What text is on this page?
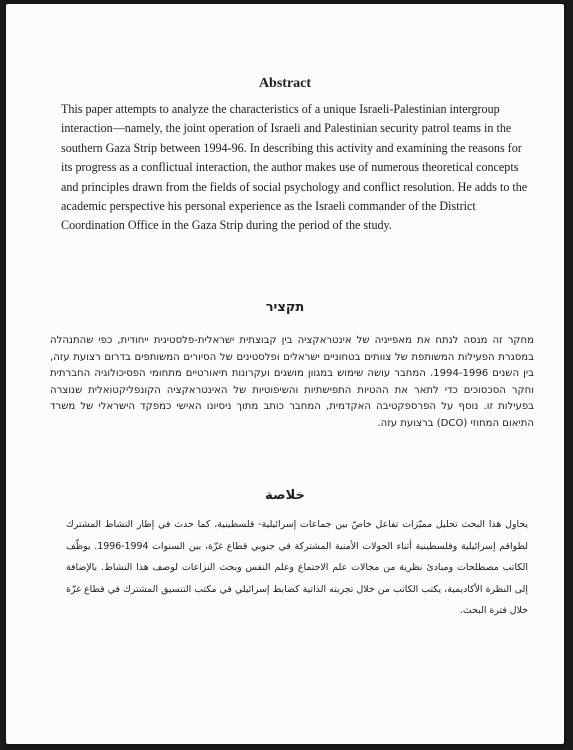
Abstract

This paper attempts to analyze the characteristics of a unique Israeli-Palestinian intergroup interaction—namely, the joint operation of Israeli and Palestinian security patrol teams in the southern Gaza Strip between 1994-96. In describing this activity and examining the reasons for its progress as a conflictual interaction, the author makes use of numerous theoretical concepts and principles drawn from the fields of social psychology and conflict resolution. He adds to the academic perspective his personal experience as the Israeli commander of the District Coordination Office in the Gaza Strip during the period of the study.

תקציר

מחקר זה מנסה לנתח את מאפייניה של אינטראקציה בין קבוצתית ישראלית-פלסטינית ייחודית, כפי שהתנהלה במסגרת הפעילות המשותפת של צוותים בטחוניים ישראלים ופלסטינים של הסיורים המשותפים בדרום רצועת עזה, בין השנים 1994-1996. המחבר עושה שימוש במגוון מושגים ועקרונות תיאורטיים מתחומי הפסיכולוגיה החברתית וחקר הסכסוכים כדי לתאר את ההטיות התפישתיות והשיפוטיות של האינטראקציה הקונפליקטואלית שנוצרה בפעילות זו. נוסף על הפרספקטיבה האקדמית, המחבר כותב מתוך ניסיונו האישי כמפקד הישראלי של משרד התיאום המחוזי (DCO) ברצועת עזה.

خلاصة

يحاول هذا البحث تحليل مميّزات تفاعل خاصّ بين جماعات إسرائيلية- فلسطينية، كما حدث في إطار النشاط المشترك لطواقم إسرائيلية وفلسطينية أثناء الجولات الأمنية المشتركة في جنوبي قطاع غزّة، بين السنوات 1994-1996. يوظّف الكاتب مصطلحات ومبادئ نظرية من مجالات علم الاجتماع وعلم النفس وبحث النزاعات لوصف هذا النشاط. بالإضافة إلى النظرة الأكاديمية، يكتب الكاتب من خلال تجربته الذاتية كضابط إسرائيلي في مكتب التنسيق المشترك في قطاع غزّة خلال فترة البحث.
